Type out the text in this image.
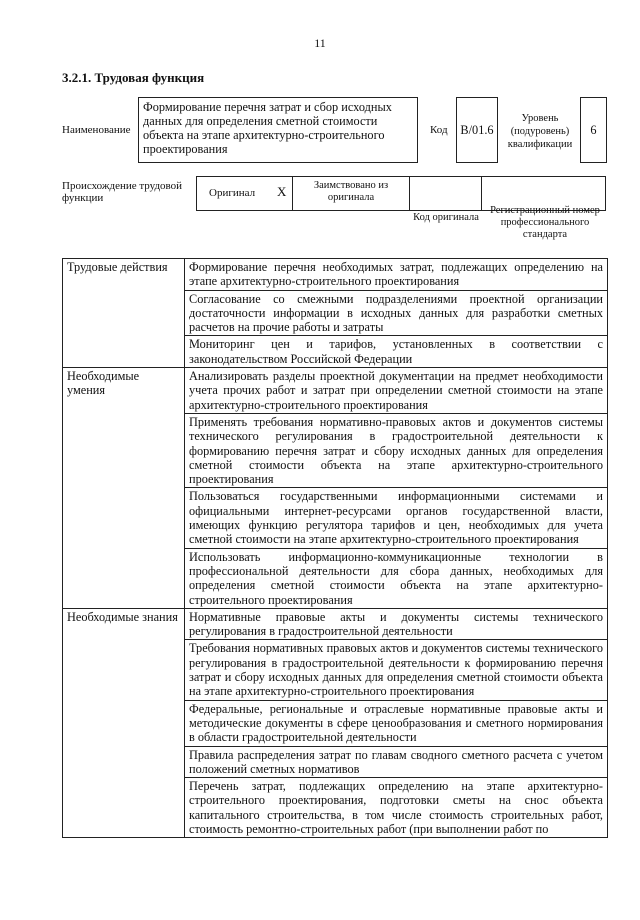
11
3.2.1. Трудовая функция
Наименование
Формирование перечня затрат и сбор исходных данных для определения сметной стоимости объекта на этапе архитектурно-строительного проектирования
Код B/01.6
Уровень (подуровень) квалификации
6
Происхождение трудовой функции	Оригинал X	Заимствовано из оригинала
Код оригинала
Регистрационный номер профессионального стандарта
Трудовые действия	Формирование перечня необходимых затрат, подлежащих определению на этапе архитектурно-строительного проектирования
	Согласование со смежными подразделениями проектной организации достаточности информации в исходных данных для разработки сметных расчетов на прочие работы и затраты
	Мониторинг цен и тарифов, установленных в соответствии с законодательством Российской Федерации
Необходимые умения	Анализировать разделы проектной документации на предмет необходимости учета прочих работ и затрат при определении сметной стоимости на этапе архитектурно-строительного проектирования
	Применять требования нормативно-правовых актов и документов системы технического регулирования в градостроительной деятельности к формированию перечня затрат и сбору исходных данных для определения сметной стоимости объекта на этапе архитектурно-строительного проектирования
	Пользоваться государственными информационными системами и официальными интернет-ресурсами органов государственной власти, имеющих функцию регулятора тарифов и цен, необходимых для учета сметной стоимости на этапе архитектурно-строительного проектирования
	Использовать информационно-коммуникационные технологии в профессиональной деятельности для сбора данных, необходимых для определения сметной стоимости объекта на этапе архитектурно-строительного проектирования
Необходимые знания	Нормативные правовые акты и документы системы технического регулирования в градостроительной деятельности
	Требования нормативных правовых актов и документов системы технического регулирования в градостроительной деятельности к формированию перечня затрат и сбору исходных данных для определения сметной стоимости объекта на этапе архитектурно-строительного проектирования
	Федеральные, региональные и отраслевые нормативные правовые акты и методические документы в сфере ценообразования и сметного нормирования в области градостроительной деятельности
	Правила распределения затрат по главам сводного сметного расчета с учетом положений сметных нормативов
	Перечень затрат, подлежащих определению на этапе архитектурно-строительного проектирования, подготовки сметы на снос объекта капитального строительства, в том числе стоимость строительных работ, стоимость ремонтно-строительных работ (при выполнении работ по
